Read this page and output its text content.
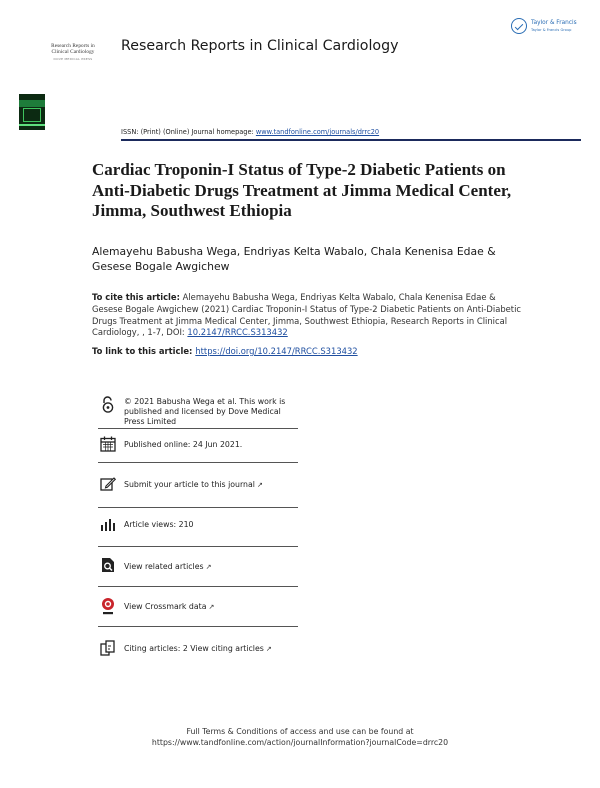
Research Reports in
Clinical Cardiology
DOVE MEDICAL PRESS
Research Reports in Clinical Cardiology
Taylor & Francis
Taylor & Francis Group
ISSN: (Print) (Online) Journal homepage: www.tandfonline.com/journals/drrc20
Cardiac Troponin-I Status of Type-2 Diabetic Patients on Anti-Diabetic Drugs Treatment at Jimma Medical Center, Jimma, Southwest Ethiopia
Alemayehu Babusha Wega, Endriyas Kelta Wabalo, Chala Kenenisa Edae & Gesese Bogale Awgichew
To cite this article: Alemayehu Babusha Wega, Endriyas Kelta Wabalo, Chala Kenenisa Edae & Gesese Bogale Awgichew (2021) Cardiac Troponin-I Status of Type-2 Diabetic Patients on Anti-Diabetic Drugs Treatment at Jimma Medical Center, Jimma, Southwest Ethiopia, Research Reports in Clinical Cardiology, , 1-7, DOI: 10.2147/RRCC.S313432
To link to this article: https://doi.org/10.2147/RRCC.S313432
© 2021 Babusha Wega et al. This work is published and licensed by Dove Medical Press Limited
Published online: 24 Jun 2021.
Submit your article to this journal ↗
Article views: 210
View related articles ↗
View Crossmark data ↗
Citing articles: 2 View citing articles ↗
Full Terms & Conditions of access and use can be found at
https://www.tandfonline.com/action/journalInformation?journalCode=drrc20
